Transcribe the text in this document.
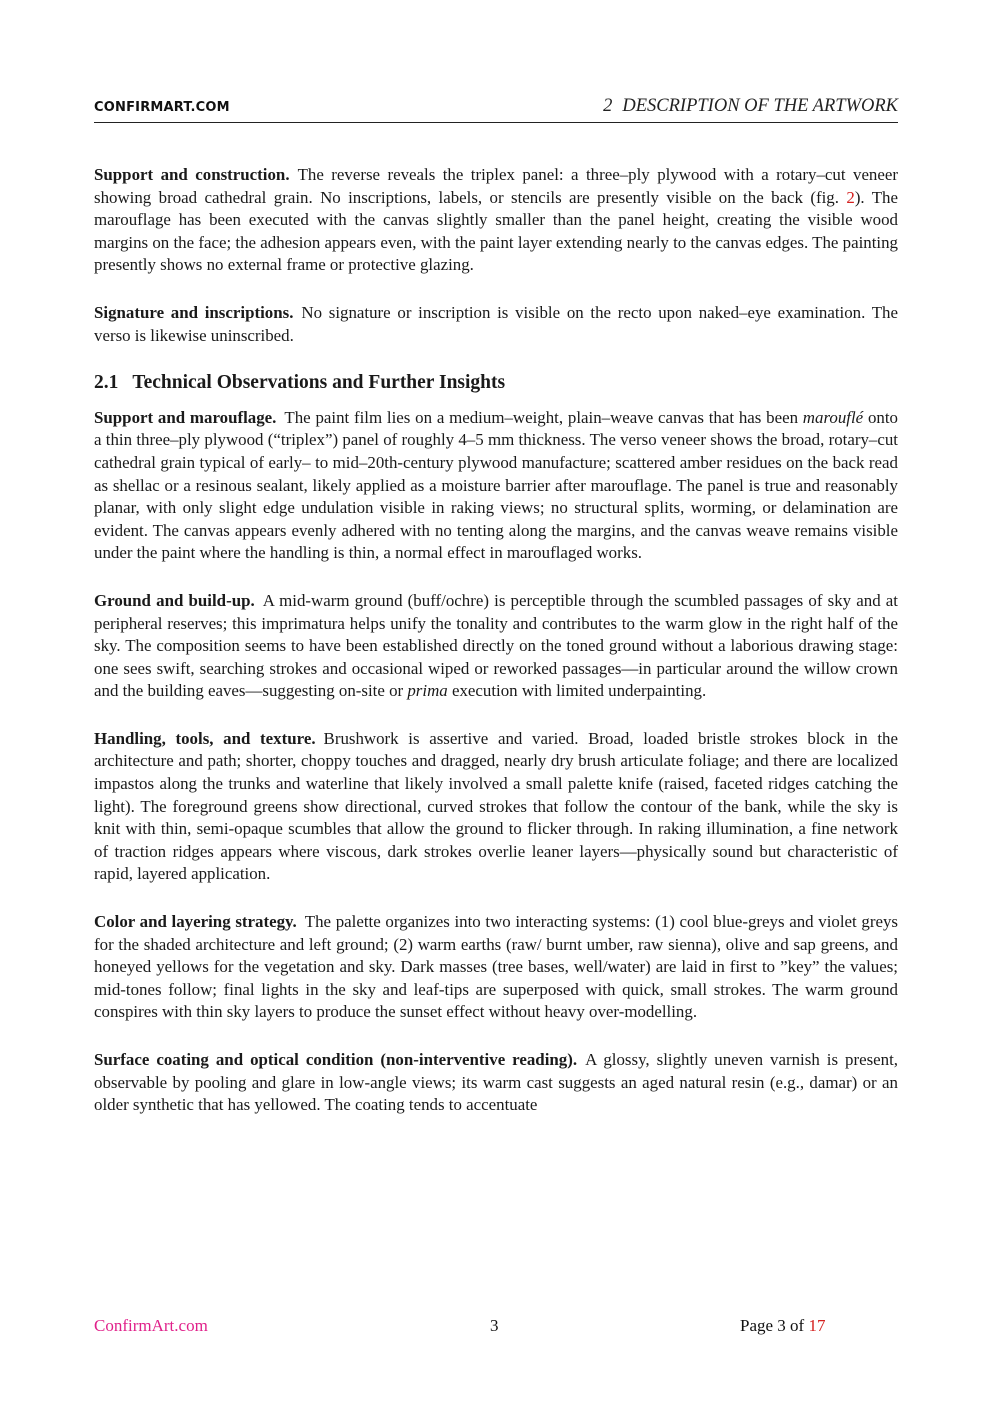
CONFIRMART.COM	2 DESCRIPTION OF THE ARTWORK

Support and construction. The reverse reveals the triplex panel: a three–ply plywood with a rotary–cut veneer showing broad cathedral grain. No inscriptions, labels, or stencils are presently visible on the back (fig. 2). The marouflage has been executed with the canvas slightly smaller than the panel height, creating the visible wood margins on the face; the adhesion appears even, with the paint layer extending nearly to the canvas edges. The painting presently shows no external frame or protective glazing.

Signature and inscriptions. No signature or inscription is visible on the recto upon naked–eye examination. The verso is likewise uninscribed.

2.1 Technical Observations and Further Insights

Support and marouflage. The paint film lies on a medium–weight, plain–weave canvas that has been marouflé onto a thin three–ply plywood (“triplex”) panel of roughly 4–5 mm thickness. The verso veneer shows the broad, rotary–cut cathedral grain typical of early– to mid–20th-century plywood manufacture; scattered amber residues on the back read as shellac or a resinous sealant, likely applied as a moisture barrier after marouflage. The panel is true and reasonably planar, with only slight edge undulation visible in raking views; no structural splits, worming, or delamination are evident. The canvas appears evenly adhered with no tenting along the margins, and the canvas weave remains visible under the paint where the handling is thin, a normal effect in marouflaged works.

Ground and build-up. A mid-warm ground (buff/ochre) is perceptible through the scumbled passages of sky and at peripheral reserves; this imprimatura helps unify the tonality and contributes to the warm glow in the right half of the sky. The composition seems to have been established directly on the toned ground without a laborious drawing stage: one sees swift, searching strokes and occasional wiped or reworked passages—in particular around the willow crown and the building eaves—suggesting on-site or prima execution with limited underpainting.

Handling, tools, and texture. Brushwork is assertive and varied. Broad, loaded bristle strokes block in the architecture and path; shorter, choppy touches and dragged, nearly dry brush articulate foliage; and there are localized impastos along the trunks and waterline that likely involved a small palette knife (raised, faceted ridges catching the light). The foreground greens show directional, curved strokes that follow the contour of the bank, while the sky is knit with thin, semi-opaque scumbles that allow the ground to flicker through. In raking illumination, a fine network of traction ridges appears where viscous, dark strokes overlie leaner layers—physically sound but characteristic of rapid, layered application.

Color and layering strategy. The palette organizes into two interacting systems: (1) cool blue-greys and violet greys for the shaded architecture and left ground; (2) warm earths (raw/ burnt umber, raw sienna), olive and sap greens, and honeyed yellows for the vegetation and sky. Dark masses (tree bases, well/water) are laid in first to ”key” the values; mid-tones follow; final lights in the sky and leaf-tips are superposed with quick, small strokes. The warm ground conspires with thin sky layers to produce the sunset effect without heavy over-modelling.

Surface coating and optical condition (non-interventive reading). A glossy, slightly uneven varnish is present, observable by pooling and glare in low-angle views; its warm cast suggests an aged natural resin (e.g., damar) or an older synthetic that has yellowed. The coating tends to accentuate

ConfirmArt.com	3	Page 3 of 17
